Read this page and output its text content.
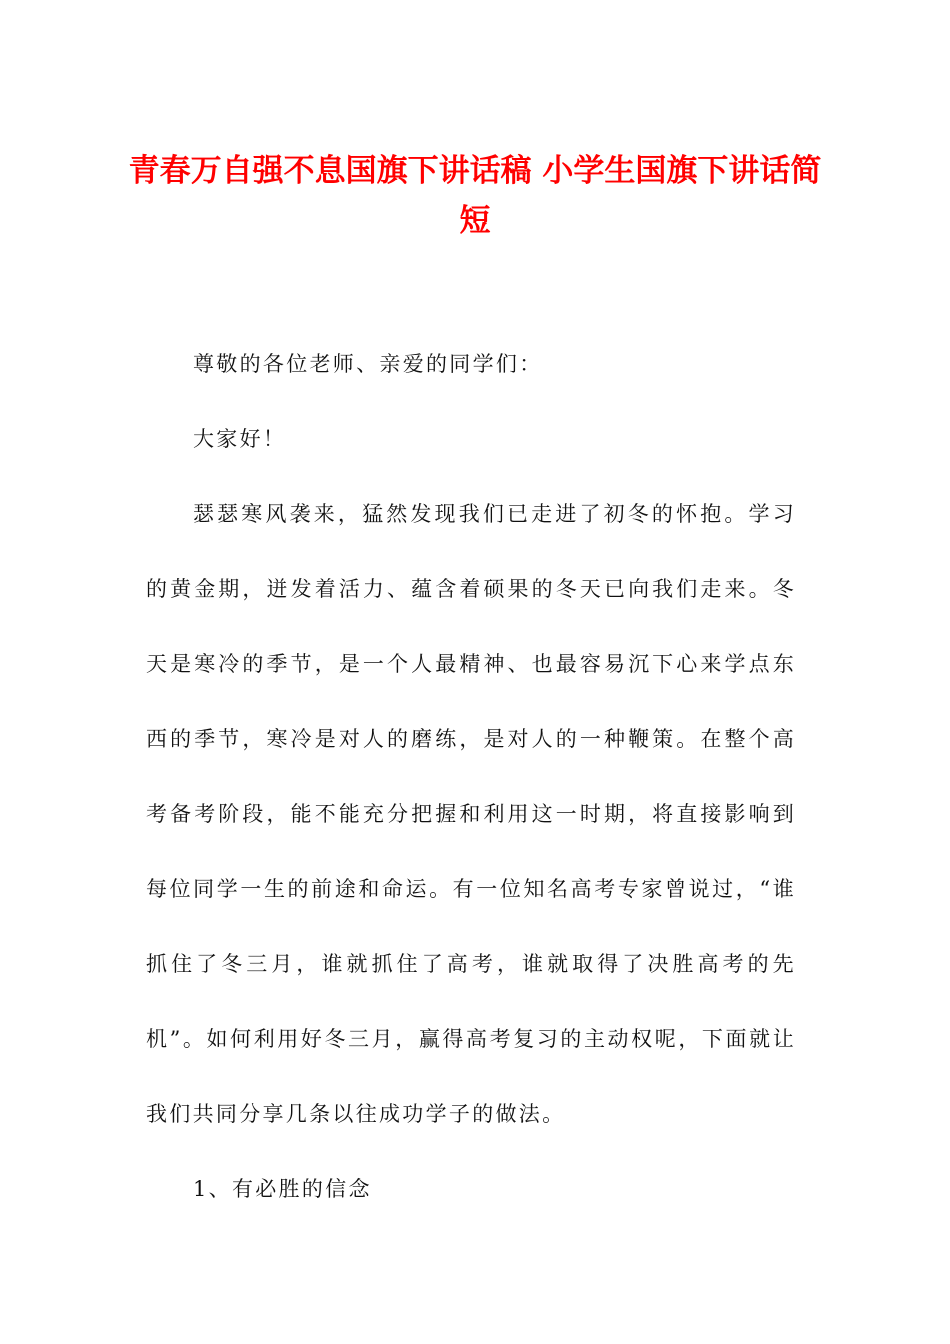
青春万自强不息国旗下讲话稿 小学生国旗下讲话简短

尊敬的各位老师、亲爱的同学们：

大家好！

瑟瑟寒风袭来，猛然发现我们已走进了初冬的怀抱。学习的黄金期，迸发着活力、蕴含着硕果的冬天已向我们走来。冬天是寒冷的季节，是一个人最精神、也最容易沉下心来学点东西的季节，寒冷是对人的磨练，是对人的一种鞭策。在整个高考备考阶段，能不能充分把握和利用这一时期，将直接影响到每位同学一生的前途和命运。有一位知名高考专家曾说过，“谁抓住了冬三月，谁就抓住了高考，谁就取得了决胜高考的先机”。如何利用好冬三月，赢得高考复习的主动权呢，下面就让我们共同分享几条以往成功学子的做法。

1、有必胜的信念
